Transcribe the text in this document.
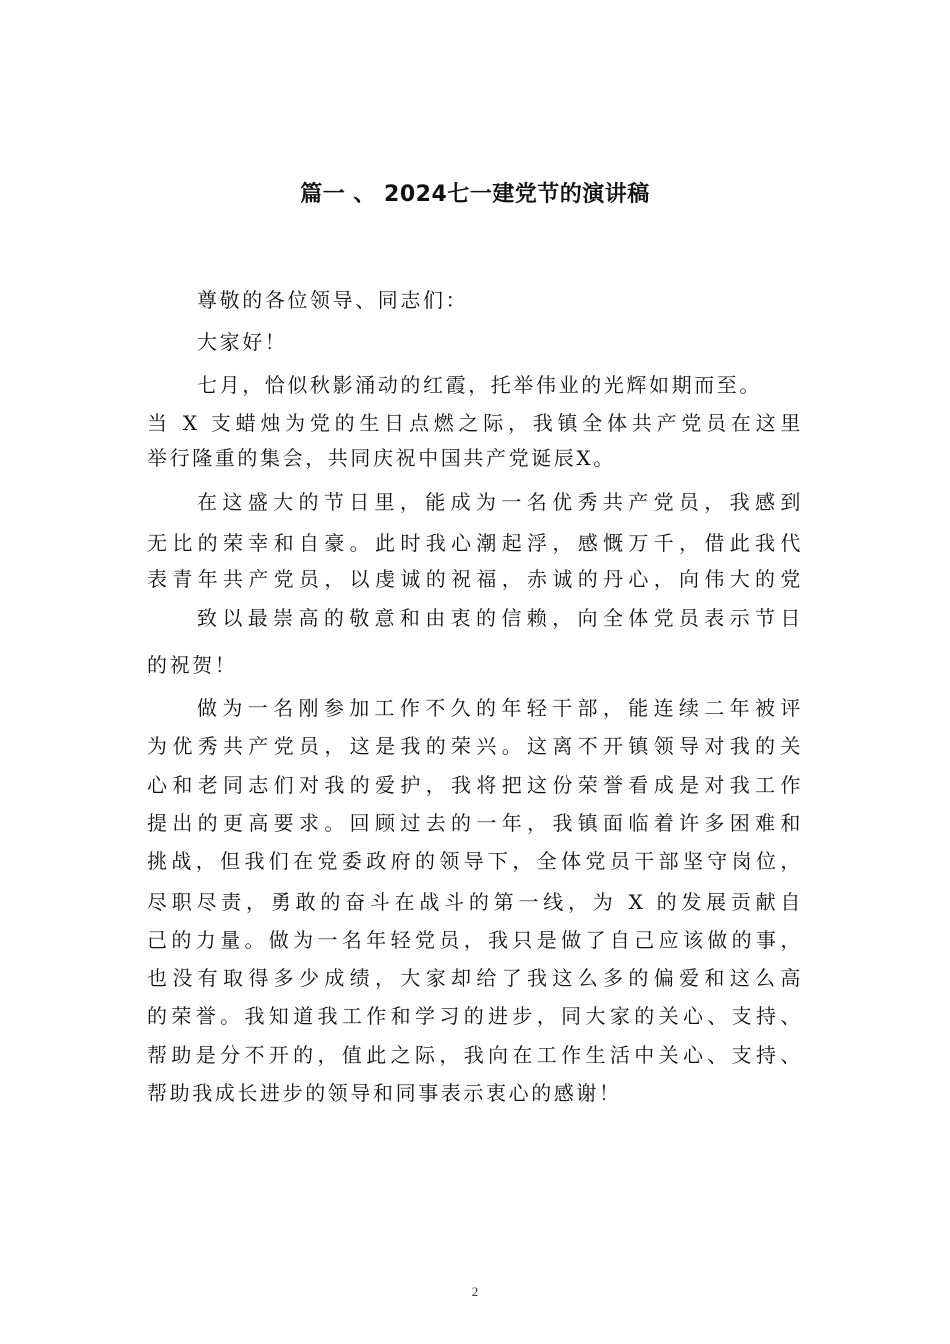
篇一 、 2024七一建党节的演讲稿
尊敬的各位领导、同志们：
大家好！
七月，恰似秋影涌动的红霞，托举伟业的光辉如期而至。
当 X 支蜡烛为党的生日点燃之际，我镇全体共产党员在这里
举行隆重的集会，共同庆祝中国共产党诞辰X。
在这盛大的节日里，能成为一名优秀共产党员，我感到
无比的荣幸和自豪。此时我心潮起浮，感慨万千，借此我代
表青年共产党员，以虔诚的祝福，赤诚的丹心，向伟大的党
致以最崇高的敬意和由衷的信赖，向全体党员表示节日
的祝贺！
做为一名刚参加工作不久的年轻干部，能连续二年被评
为优秀共产党员，这是我的荣兴。这离不开镇领导对我的关
心和老同志们对我的爱护，我将把这份荣誉看成是对我工作
提出的更高要求。回顾过去的一年，我镇面临着许多困难和
挑战，但我们在党委政府的领导下，全体党员干部坚守岗位，
尽职尽责，勇敢的奋斗在战斗的第一线，为 X 的发展贡献自
己的力量。做为一名年轻党员，我只是做了自己应该做的事，
也没有取得多少成绩，大家却给了我这么多的偏爱和这么高
的荣誉。我知道我工作和学习的进步，同大家的关心、支持、
帮助是分不开的，值此之际，我向在工作生活中关心、支持、
帮助我成长进步的领导和同事表示衷心的感谢！
2
